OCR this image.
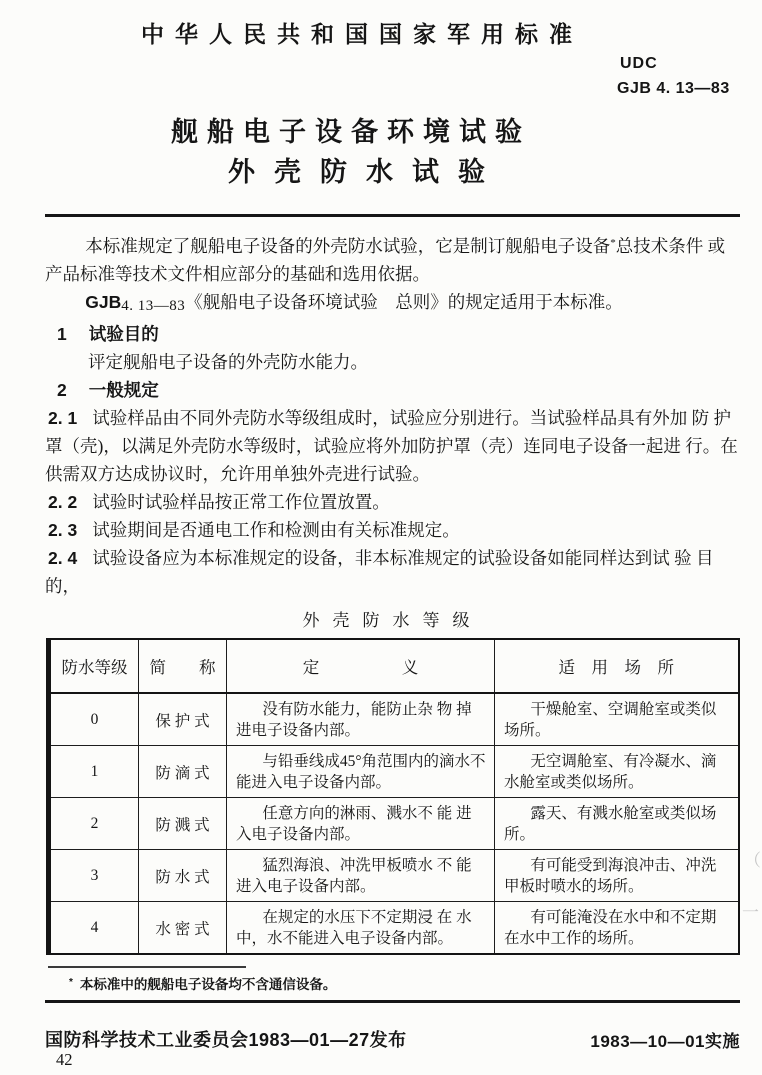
中华人民共和国国家军用标准
UDC
GJB 4. 13—83
舰船电子设备环境试验
外壳防水试验

本标准规定了舰船电子设备的外壳防水试验，它是制订舰船电子设备*总技术条件 或 产品标准等技术文件相应部分的基础和选用依据。

GJB4. 13—83《舰船电子设备环境试验　总则》的规定适用于本标准。

1 试验目的

评定舰船电子设备的外壳防水能力。

2 一般规定

2. 1 试验样品由不同外壳防水等级组成时，试验应分别进行。当试验样品具有外加 防 护罩（壳)，以满足外壳防水等级时，试验应将外加防护罩（壳）连同电子设备一起进 行。在 供需双方达成协议时，允许用单独外壳进行试验。

2. 2 试验时试验样品按正常工作位置放置。

2. 3 试验期间是否通电工作和检测由有关标准规定。

2. 4 试验设备应为本标准规定的设备，非本标准规定的试验设备如能同样达到试 验 目的，

外壳防水等级

防水等级	简　　称	定　　　　　义	适　用　场　所
0	保 护 式	没有防水能力，能防止杂 物 掉进电子设备内部。	干燥舱室、空调舱室或类似场所。

1	防 滴 式	与铅垂线成45°角范围内的滴水不能进入电子设备内部。	无空调舱室、有冷凝水、滴水舱室或类似场所。

2	防 溅 式	任意方向的淋雨、溅水不 能 进入电子设备内部。	露天、有溅水舱室或类似场所。

3	防 水 式	猛烈海浪、冲洗甲板喷水 不 能进入电子设备内部。	有可能受到海浪冲击、冲洗甲板时喷水的场所。

4	水 密 式	在规定的水压下不定期浸 在 水中，水不能进入电子设备内部。	有可能淹没在水中和不定期在水中工作的场所。

* 本标准中的舰船电子设备均不含通信设备。
国防科学技术工业委员会1983—01—27发布	1983—10—01实施
42
（
一
